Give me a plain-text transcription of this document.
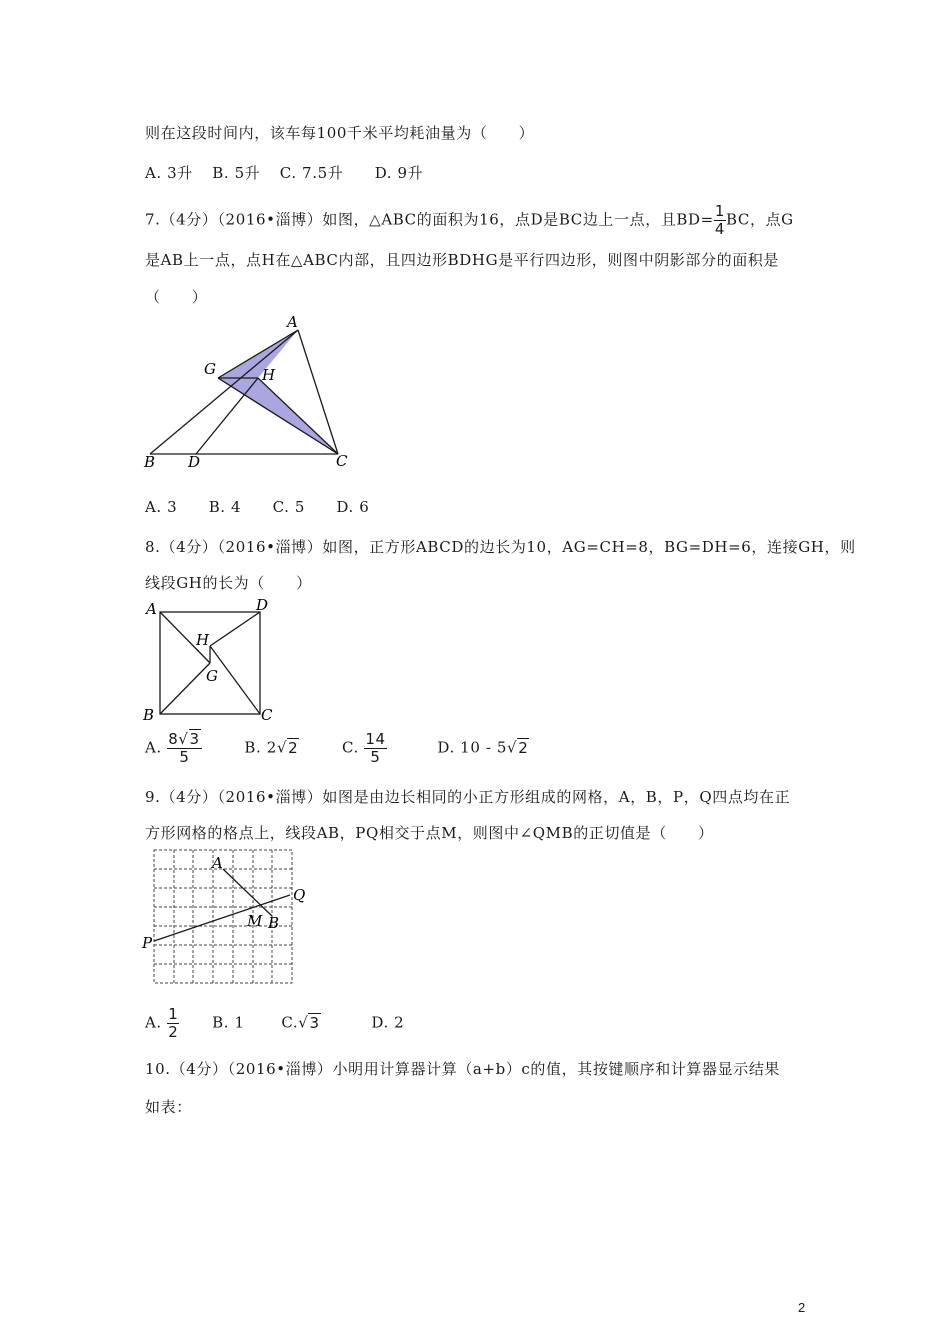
则在这段时间内，该车每100千米平均耗油量为（　　）
A. 3升 B. 5升 C. 7.5升 D. 9升
7.（4分）（2016•淄博）如图，△ABC的面积为16，点D是BC边上一点，且$BD= \frac{1}{4}$ BC，点G
是AB上一点，点H在△ABC内部，且四边形BDHG是平行四边形，则图中阴影部分的面积是
（　　）
A
G	H
B D	C
A. 3 B. 4 C. 5 D. 6
8.（4分）（2016•淄博）如图，正方形ABCD的边长为10，AG=CH=8，BG=DH=6，连接GH，则
线段GH的长为（　　）
A	D
H
G
B	C
A. $\frac{8√3}{5}$	B. 2√2	C. $\frac{14}{5}$	D. 10 - 5√2
9.（4分）（2016•淄博）如图是由边长相同的小正方形组成的网格，A，B，P，Q四点均在正
方形网格的格点上，线段AB，PQ相交于点M，则图中∠QMB的正切值是（　　）
A
Q
M B
P
A. $\frac{1}{2} B$. 1 C.√3	D. 2
10.（4分）（2016•淄博）小明用计算器计算（a+b）c的值，其按键顺序和计算器显示结果
如表：
2
